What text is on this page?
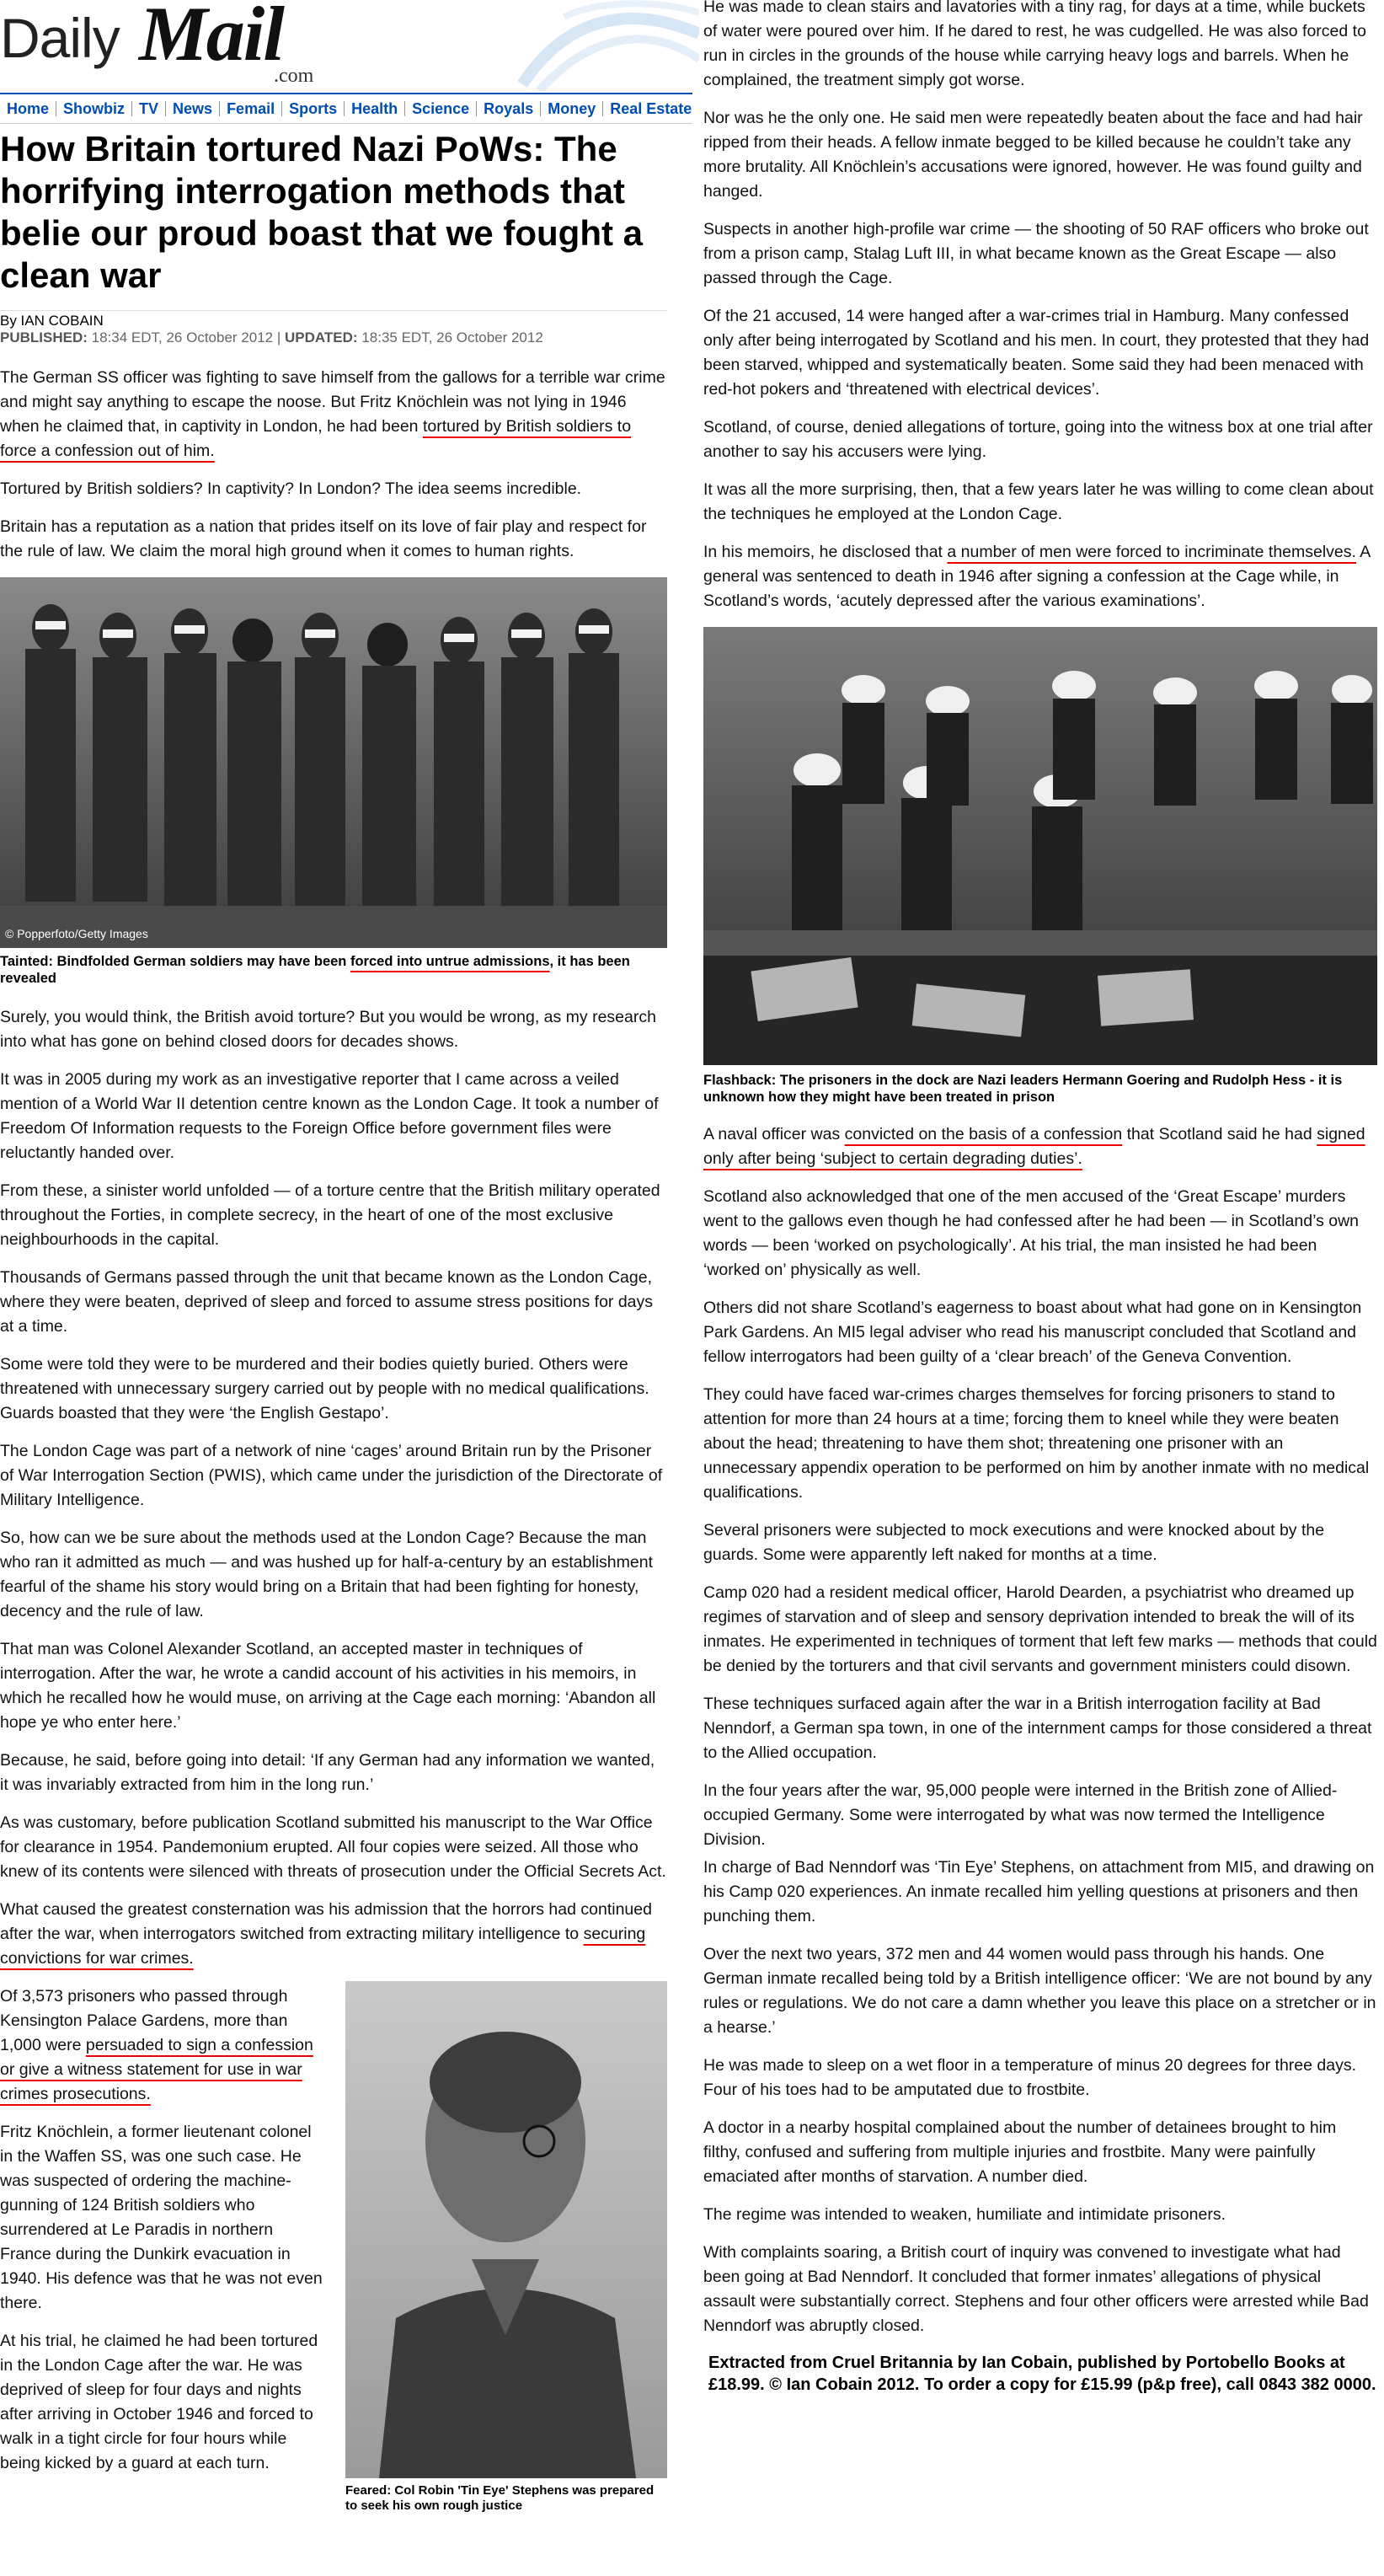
Daily Mail
.com
Home Showbiz TV News Femail Sports Health Science Royals Money Real Estate
How Britain tortured Nazi PoWs: The horrifying interrogation methods that belie our proud boast that we fought a clean war
By IAN COBAIN
PUBLISHED: 18:34 EDT, 26 October 2012 | UPDATED: 18:35 EDT, 26 October 2012

The German SS officer was fighting to save himself from the gallows for a terrible war crime and might say anything to escape the noose. But Fritz Knöchlein was not lying in 1946 when he claimed that, in captivity in London, he had been tortured by British soldiers to force a confession out of him.

Tortured by British soldiers? In captivity? In London? The idea seems incredible.

Britain has a reputation as a nation that prides itself on its love of fair play and respect for the rule of law. We claim the moral high ground when it comes to human rights.

© Popperfoto/Getty Images
Tainted: Bindfolded German soldiers may have been forced into untrue admissions, it has been revealed

Surely, you would think, the British avoid torture? But you would be wrong, as my research into what has gone on behind closed doors for decades shows.

It was in 2005 during my work as an investigative reporter that I came across a veiled mention of a World War II detention centre known as the London Cage. It took a number of Freedom Of Information requests to the Foreign Office before government files were reluctantly handed over.

From these, a sinister world unfolded — of a torture centre that the British military operated throughout the Forties, in complete secrecy, in the heart of one of the most exclusive neighbourhoods in the capital.

Thousands of Germans passed through the unit that became known as the London Cage, where they were beaten, deprived of sleep and forced to assume stress positions for days at a time.

Some were told they were to be murdered and their bodies quietly buried. Others were threatened with unnecessary surgery carried out by people with no medical qualifications. Guards boasted that they were ‘the English Gestapo’.

The London Cage was part of a network of nine ‘cages’ around Britain run by the Prisoner of War Interrogation Section (PWIS), which came under the jurisdiction of the Directorate of Military Intelligence.

So, how can we be sure about the methods used at the London Cage? Because the man who ran it admitted as much — and was hushed up for half-a-century by an establishment fearful of the shame his story would bring on a Britain that had been fighting for honesty, decency and the rule of law.

That man was Colonel Alexander Scotland, an accepted master in techniques of interrogation. After the war, he wrote a candid account of his activities in his memoirs, in which he recalled how he would muse, on arriving at the Cage each morning: ‘Abandon all hope ye who enter here.’

Because, he said, before going into detail: ‘If any German had any information we wanted, it was invariably extracted from him in the long run.’

As was customary, before publication Scotland submitted his manuscript to the War Office for clearance in 1954. Pandemonium erupted. All four copies were seized. All those who knew of its contents were silenced with threats of prosecution under the Official Secrets Act.

What caused the greatest consternation was his admission that the horrors had continued after the war, when interrogators switched from extracting military intelligence to securing convictions for war crimes.

Feared: Col Robin 'Tin Eye' Stephens was prepared to seek his own rough justice

Of 3,573 prisoners who passed through Kensington Palace Gardens, more than 1,000 were persuaded to sign a confession or give a witness statement for use in war crimes prosecutions.

Fritz Knöchlein, a former lieutenant colonel in the Waffen SS, was one such case. He was suspected of ordering the machine-gunning of 124 British soldiers who surrendered at Le Paradis in northern France during the Dunkirk evacuation in 1940. His defence was that he was not even there.

At his trial, he claimed he had been tortured in the London Cage after the war. He was deprived of sleep for four days and nights after arriving in October 1946 and forced to walk in a tight circle for four hours while being kicked by a guard at each turn.

He was made to clean stairs and lavatories with a tiny rag, for days at a time, while buckets of water were poured over him. If he dared to rest, he was cudgelled. He was also forced to run in circles in the grounds of the house while carrying heavy logs and barrels. When he complained, the treatment simply got worse.

Nor was he the only one. He said men were repeatedly beaten about the face and had hair ripped from their heads. A fellow inmate begged to be killed because he couldn’t take any more brutality. All Knöchlein’s accusations were ignored, however. He was found guilty and hanged.

Suspects in another high-profile war crime — the shooting of 50 RAF officers who broke out from a prison camp, Stalag Luft III, in what became known as the Great Escape — also passed through the Cage.

Of the 21 accused, 14 were hanged after a war-crimes trial in Hamburg. Many confessed only after being interrogated by Scotland and his men. In court, they protested that they had been starved, whipped and systematically beaten. Some said they had been menaced with red-hot pokers and ‘threatened with electrical devices’.

Scotland, of course, denied allegations of torture, going into the witness box at one trial after another to say his accusers were lying.

It was all the more surprising, then, that a few years later he was willing to come clean about the techniques he employed at the London Cage.

In his memoirs, he disclosed that a number of men were forced to incriminate themselves. A general was sentenced to death in 1946 after signing a confession at the Cage while, in Scotland’s words, ‘acutely depressed after the various examinations’.

Flashback: The prisoners in the dock are Nazi leaders Hermann Goering and Rudolph Hess - it is unknown how they might have been treated in prison

A naval officer was convicted on the basis of a confession that Scotland said he had signed only after being ‘subject to certain degrading duties’.

Scotland also acknowledged that one of the men accused of the ‘Great Escape’ murders went to the gallows even though he had confessed after he had been — in Scotland’s own words — been ‘worked on psychologically’. At his trial, the man insisted he had been ‘worked on’ physically as well.

Others did not share Scotland’s eagerness to boast about what had gone on in Kensington Park Gardens. An MI5 legal adviser who read his manuscript concluded that Scotland and fellow interrogators had been guilty of a ‘clear breach’ of the Geneva Convention.

They could have faced war-crimes charges themselves for forcing prisoners to stand to attention for more than 24 hours at a time; forcing them to kneel while they were beaten about the head; threatening to have them shot; threatening one prisoner with an unnecessary appendix operation to be performed on him by another inmate with no medical qualifications.

Several prisoners were subjected to mock executions and were knocked about by the guards. Some were apparently left naked for months at a time.

Camp 020 had a resident medical officer, Harold Dearden, a psychiatrist who dreamed up regimes of starvation and of sleep and sensory deprivation intended to break the will of its inmates. He experimented in techniques of torment that left few marks — methods that could be denied by the torturers and that civil servants and government ministers could disown.

These techniques surfaced again after the war in a British interrogation facility at Bad Nenndorf, a German spa town, in one of the internment camps for those considered a threat to the Allied occupation.

In the four years after the war, 95,000 people were interned in the British zone of Allied-occupied Germany. Some were interrogated by what was now termed the Intelligence Division.

In charge of Bad Nenndorf was ‘Tin Eye’ Stephens, on attachment from MI5, and drawing on his Camp 020 experiences. An inmate recalled him yelling questions at prisoners and then punching them.

Over the next two years, 372 men and 44 women would pass through his hands. One German inmate recalled being told by a British intelligence officer: ‘We are not bound by any rules or regulations. We do not care a damn whether you leave this place on a stretcher or in a hearse.’

He was made to sleep on a wet floor in a temperature of minus 20 degrees for three days. Four of his toes had to be amputated due to frostbite.

A doctor in a nearby hospital complained about the number of detainees brought to him filthy, confused and suffering from multiple injuries and frostbite. Many were painfully emaciated after months of starvation. A number died.

The regime was intended to weaken, humiliate and intimidate prisoners.

With complaints soaring, a British court of inquiry was convened to investigate what had been going at Bad Nenndorf. It concluded that former inmates’ allegations of physical assault were substantially correct. Stephens and four other officers were arrested while Bad Nenndorf was abruptly closed.

Extracted from Cruel Britannia by Ian Cobain, published by Portobello Books at £18.99. © Ian Cobain 2012. To order a copy for £15.99 (p&p free), call 0843 382 0000.
